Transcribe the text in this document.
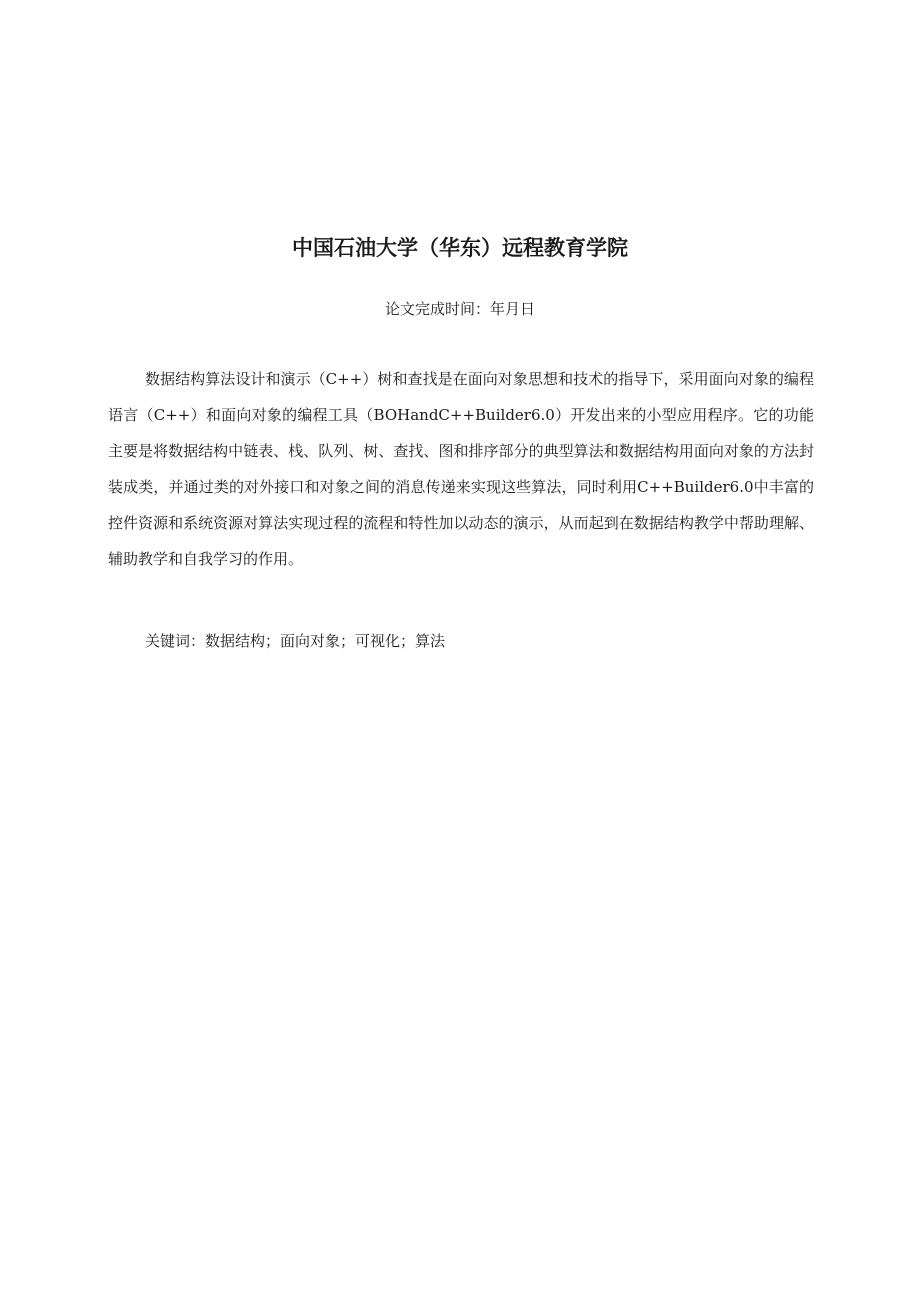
中国石油大学（华东）远程教育学院

论文完成时间：年月日

数据结构算法设计和演示（C++）树和查找是在面向对象思想和技术的指导下，采用面向对象的编程语言（C++）和面向对象的编程工具（BOHandC++Builder6.0）开发出来的小型应用程序。它的功能主要是将数据结构中链表、栈、队列、树、查找、图和排序部分的典型算法和数据结构用面向对象的方法封装成类，并通过类的对外接口和对象之间的消息传递来实现这些算法，同时利用C++Builder6.0中丰富的控件资源和系统资源对算法实现过程的流程和特性加以动态的演示，从而起到在数据结构教学中帮助理解、辅助教学和自我学习的作用。

关键词：数据结构；面向对象；可视化；算法
